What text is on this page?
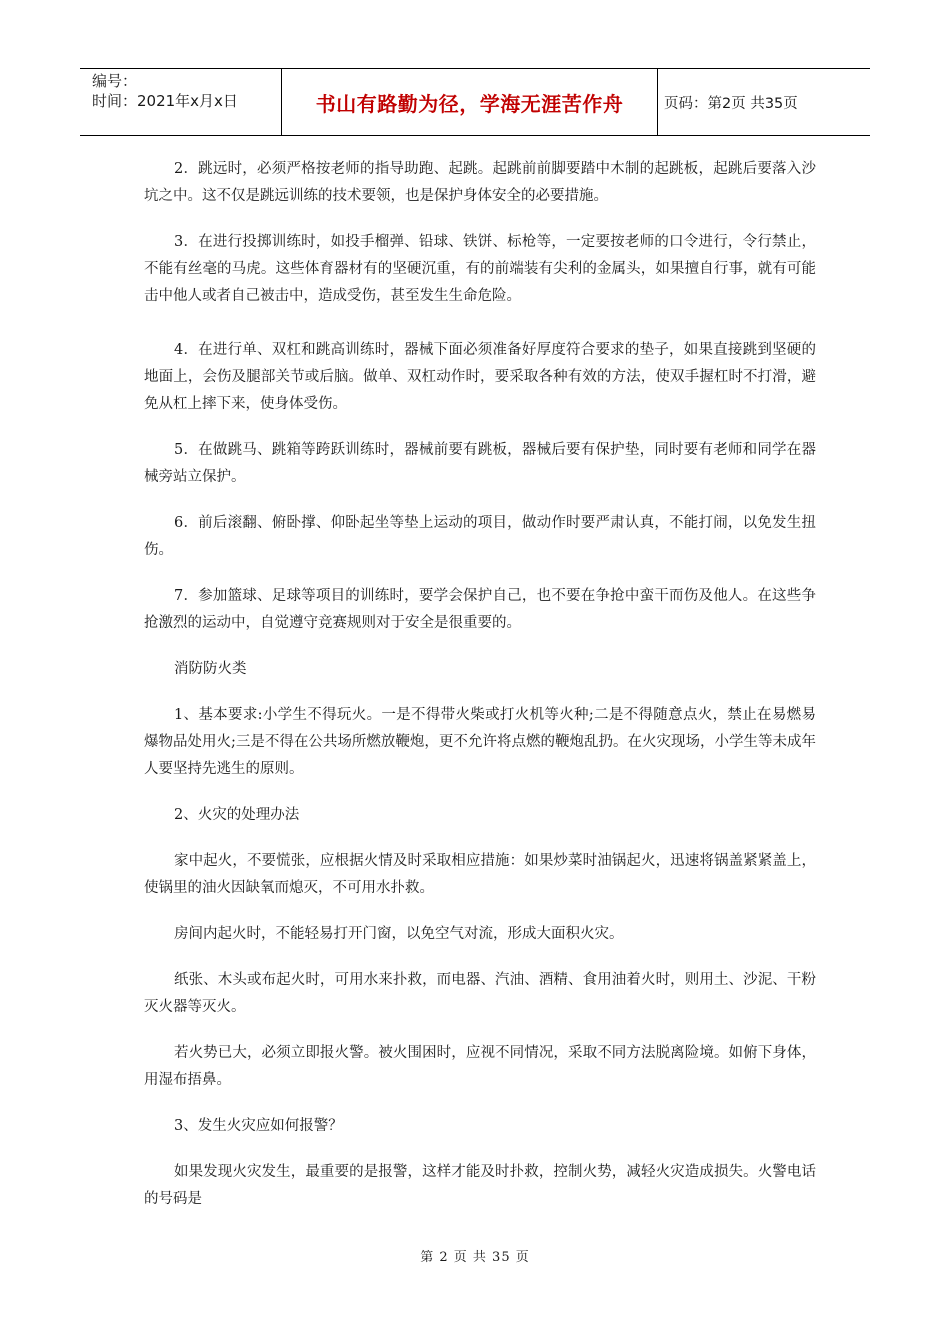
编号：
时间：2021年x月x日	书山有路勤为径，学海无涯苦作舟	页码：第2页 共35页

2．跳远时，必须严格按老师的指导助跑、起跳。起跳前前脚要踏中木制的起跳板，起跳后要落入沙坑之中。这不仅是跳远训练的技术要领，也是保护身体安全的必要措施。

3．在进行投掷训练时，如投手榴弹、铅球、铁饼、标枪等，一定要按老师的口令进行，令行禁止，不能有丝毫的马虎。这些体育器材有的坚硬沉重，有的前端装有尖利的金属头，如果擅自行事，就有可能击中他人或者自己被击中，造成受伤，甚至发生生命危险。

4．在进行单、双杠和跳高训练时，器械下面必须准备好厚度符合要求的垫子，如果直接跳到坚硬的地面上，会伤及腿部关节或后脑。做单、双杠动作时，要采取各种有效的方法，使双手握杠时不打滑，避免从杠上摔下来，使身体受伤。

5．在做跳马、跳箱等跨跃训练时，器械前要有跳板，器械后要有保护垫，同时要有老师和同学在器械旁站立保护。

6．前后滚翻、俯卧撑、仰卧起坐等垫上运动的项目，做动作时要严肃认真，不能打闹，以免发生扭伤。

7．参加篮球、足球等项目的训练时，要学会保护自己，也不要在争抢中蛮干而伤及他人。在这些争抢激烈的运动中，自觉遵守竞赛规则对于安全是很重要的。

消防防火类

1、基本要求:小学生不得玩火。一是不得带火柴或打火机等火种;二是不得随意点火，禁止在易燃易爆物品处用火;三是不得在公共场所燃放鞭炮，更不允许将点燃的鞭炮乱扔。在火灾现场，小学生等未成年人要坚持先逃生的原则。

2、火灾的处理办法

家中起火，不要慌张，应根据火情及时采取相应措施：如果炒菜时油锅起火，迅速将锅盖紧紧盖上，使锅里的油火因缺氧而熄灭，不可用水扑救。

房间内起火时，不能轻易打开门窗，以免空气对流，形成大面积火灾。

纸张、木头或布起火时，可用水来扑救，而电器、汽油、酒精、食用油着火时，则用土、沙泥、干粉灭火器等灭火。

若火势已大，必须立即报火警。被火围困时，应视不同情况，采取不同方法脱离险境。如俯下身体，用湿布捂鼻。

3、发生火灾应如何报警？

如果发现火灾发生，最重要的是报警，这样才能及时扑救，控制火势，减轻火灾造成损失。火警电话的号码是

第 2 页 共 35 页
